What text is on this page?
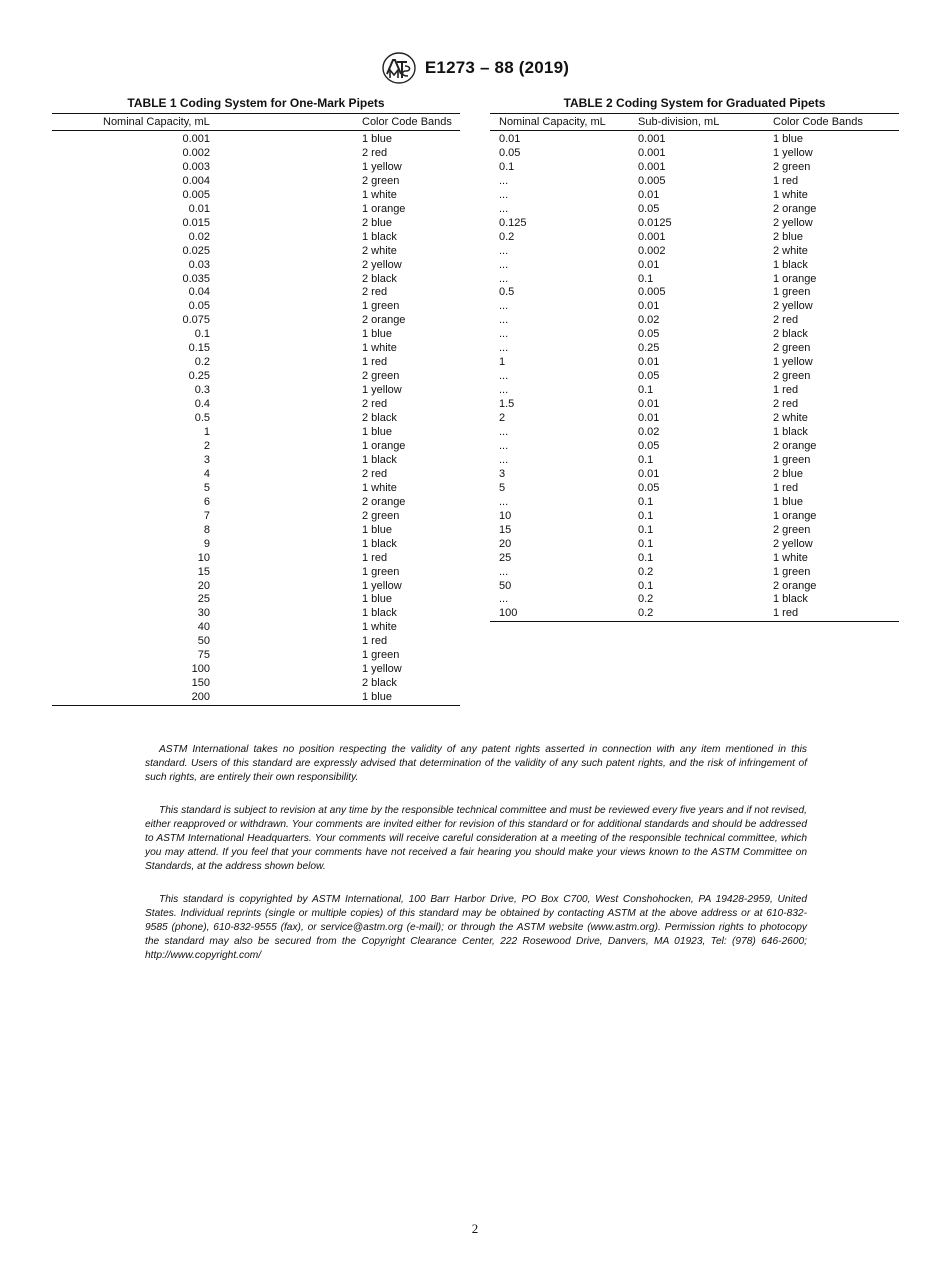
E1273 – 88 (2019)
TABLE 1 Coding System for One-Mark Pipets
Nominal Capacity, mL	Color Code Bands
0.001	1 blue
0.002	2 red
0.003	1 yellow
0.004	2 green
0.005	1 white
0.01	1 orange
0.015	2 blue
0.02	1 black
0.025	2 white
0.03	2 yellow
0.035	2 black
0.04	2 red
0.05	1 green
0.075	2 orange
0.1	1 blue
0.15	1 white
0.2	1 red
0.25	2 green
0.3	1 yellow
0.4	2 red
0.5	2 black
1	1 blue
2	1 orange
3	1 black
4	2 red
5	1 white
6	2 orange
7	2 green
8	1 blue
9	1 black
10	1 red
15	1 green
20	1 yellow
25	1 blue
30	1 black
40	1 white
50	1 red
75	1 green
100	1 yellow
150	2 black
200	1 blue
TABLE 2 Coding System for Graduated Pipets
Nominal Capacity, mL	Sub-division, mL	Color Code Bands
0.01	0.001	1 blue
0.05	0.001	1 yellow
0.1	0.001	2 green
...	0.005	1 red
...	0.01	1 white
...	0.05	2 orange
0.125	0.0125	2 yellow
0.2	0.001	2 blue
...	0.002	2 white
...	0.01	1 black
...	0.1	1 orange
0.5	0.005	1 green
...	0.01	2 yellow
...	0.02	2 red
...	0.05	2 black
...	0.25	2 green
1	0.01	1 yellow
...	0.05	2 green
...	0.1	1 red
1.5	0.01	2 red
2	0.01	2 white
...	0.02	1 black
...	0.05	2 orange
...	0.1	1 green
3	0.01	2 blue
5	0.05	1 red
...	0.1	1 blue
10	0.1	1 orange
15	0.1	2 green
20	0.1	2 yellow
25	0.1	1 white
...	0.2	1 green
50	0.1	2 orange
...	0.2	1 black
100	0.2	1 red

ASTM International takes no position respecting the validity of any patent rights asserted in connection with any item mentioned in this standard. Users of this standard are expressly advised that determination of the validity of any such patent rights, and the risk of infringement of such rights, are entirely their own responsibility.

This standard is subject to revision at any time by the responsible technical committee and must be reviewed every five years and if not revised, either reapproved or withdrawn. Your comments are invited either for revision of this standard or for additional standards and should be addressed to ASTM International Headquarters. Your comments will receive careful consideration at a meeting of the responsible technical committee, which you may attend. If you feel that your comments have not received a fair hearing you should make your views known to the ASTM Committee on Standards, at the address shown below.

This standard is copyrighted by ASTM International, 100 Barr Harbor Drive, PO Box C700, West Conshohocken, PA 19428-2959, United States. Individual reprints (single or multiple copies) of this standard may be obtained by contacting ASTM at the above address or at 610-832-9585 (phone), 610-832-9555 (fax), or service@astm.org (e-mail); or through the ASTM website (www.astm.org). Permission rights to photocopy the standard may also be secured from the Copyright Clearance Center, 222 Rosewood Drive, Danvers, MA 01923, Tel: (978) 646-2600; http://www.copyright.com/

2
